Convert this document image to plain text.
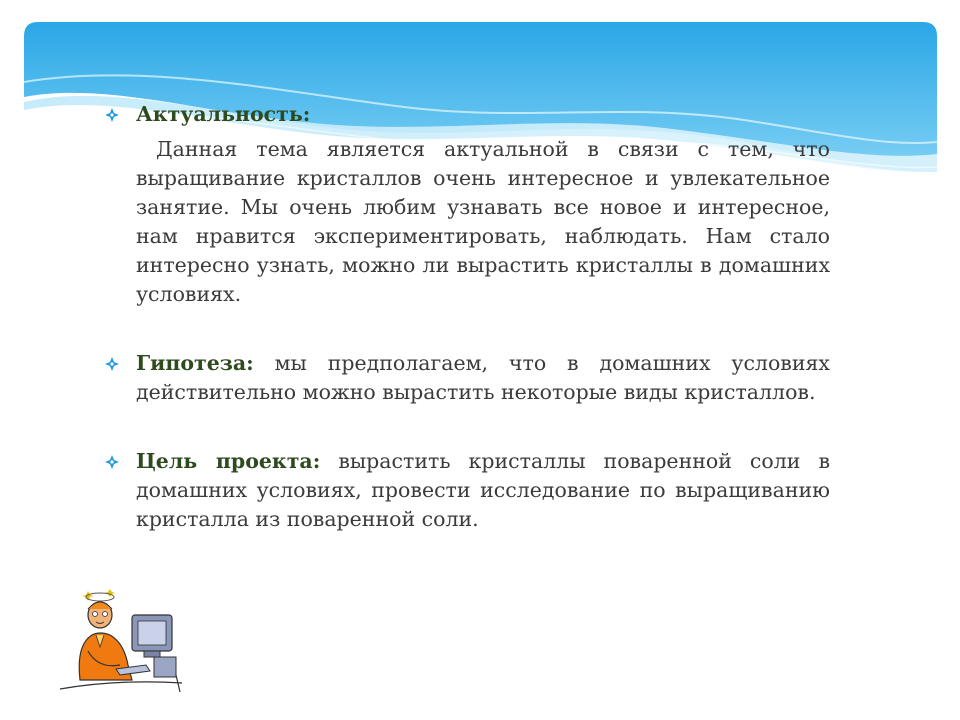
Актуальность:
Данная тема является актуальной в связи с тем, что выращивание кристаллов очень интересное и увлекательное занятие. Мы очень любим узнавать все новое и интересное, нам нравится экспериментировать, наблюдать. Нам стало интересно узнать, можно ли вырастить кристаллы в домашних условиях.
Гипотеза: мы предполагаем, что в домашних условиях действительно можно вырастить некоторые виды кристаллов.
Цель проекта: вырастить кристаллы поваренной соли в домашних условиях, провести исследование по выращиванию кристалла из поваренной соли.
